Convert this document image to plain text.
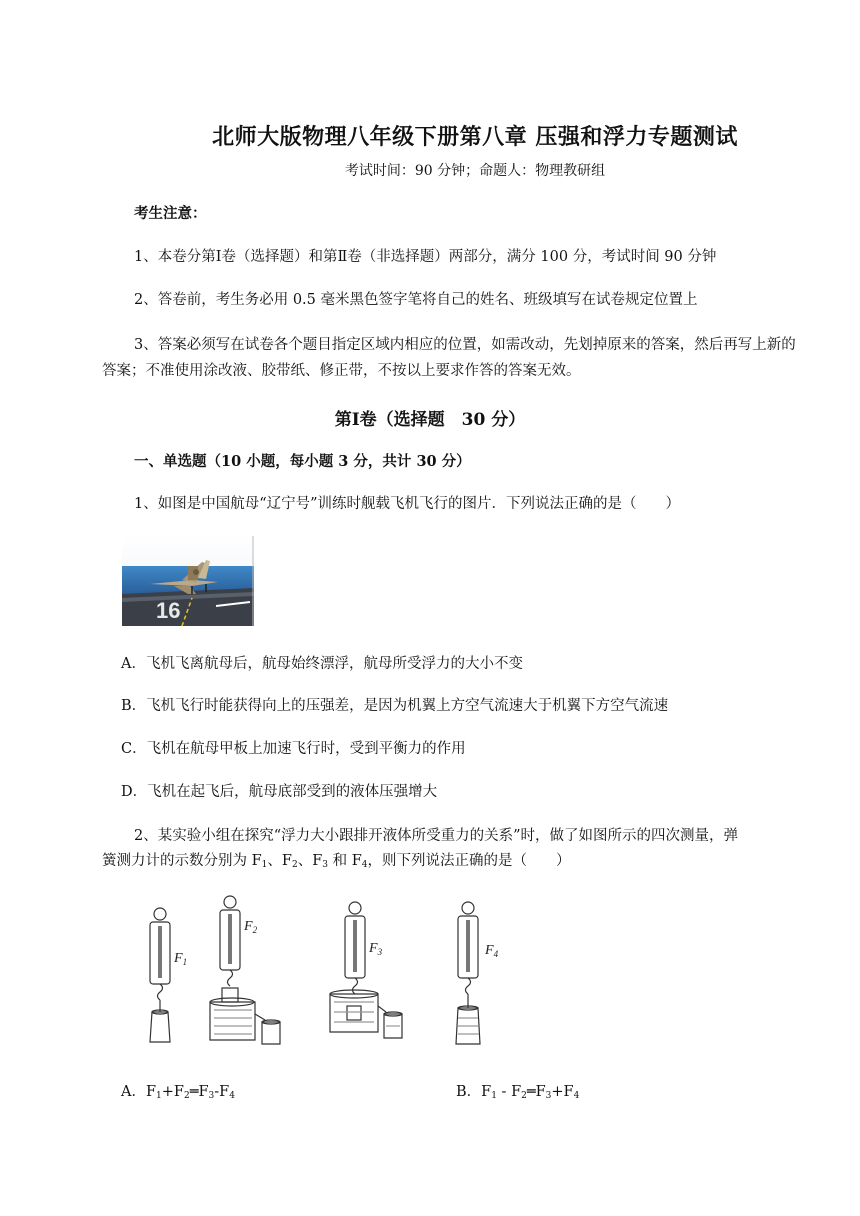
北师大版物理八年级下册第八章 压强和浮力专题测试
考试时间：90 分钟；命题人：物理教研组
考生注意：
1、本卷分第Ⅰ卷（选择题）和第Ⅱ卷（非选择题）两部分，满分 100 分，考试时间 90 分钟
2、答卷前，考生务必用 0.5 毫米黑色签字笔将自己的姓名、班级填写在试卷规定位置上
3、答案必须写在试卷各个题目指定区域内相应的位置，如需改动，先划掉原来的答案，然后再写上新的答案；不准使用涂改液、胶带纸、修正带，不按以上要求作答的答案无效。
第Ⅰ卷（选择题　30 分）
一、单选题（10 小题，每小题 3 分，共计 30 分）
1、如图是中国航母“辽宁号”训练时舰载飞机飞行的图片．下列说法正确的是（　　）
16
A．飞机飞离航母后，航母始终漂浮，航母所受浮力的大小不变
B．飞机飞行时能获得向上的压强差，是因为机翼上方空气流速大于机翼下方空气流速
C．飞机在航母甲板上加速飞行时，受到平衡力的作用
D．飞机在起飞后，航母底部受到的液体压强增大
2、某实验小组在探究“浮力大小跟排开液体所受重力的关系”时，做了如图所示的四次测量，弹
簧测力计的示数分别为 $F_1$、$F_2$、$F_3$ 和 $F_4$，则下列说法正确的是（　　）
$F_1$
$F_2$
$F_3$	$F_4$
A．$F_1+F_2═F_3-F_4$	B．$F_1$ - $F_2═F_3+F_4$
